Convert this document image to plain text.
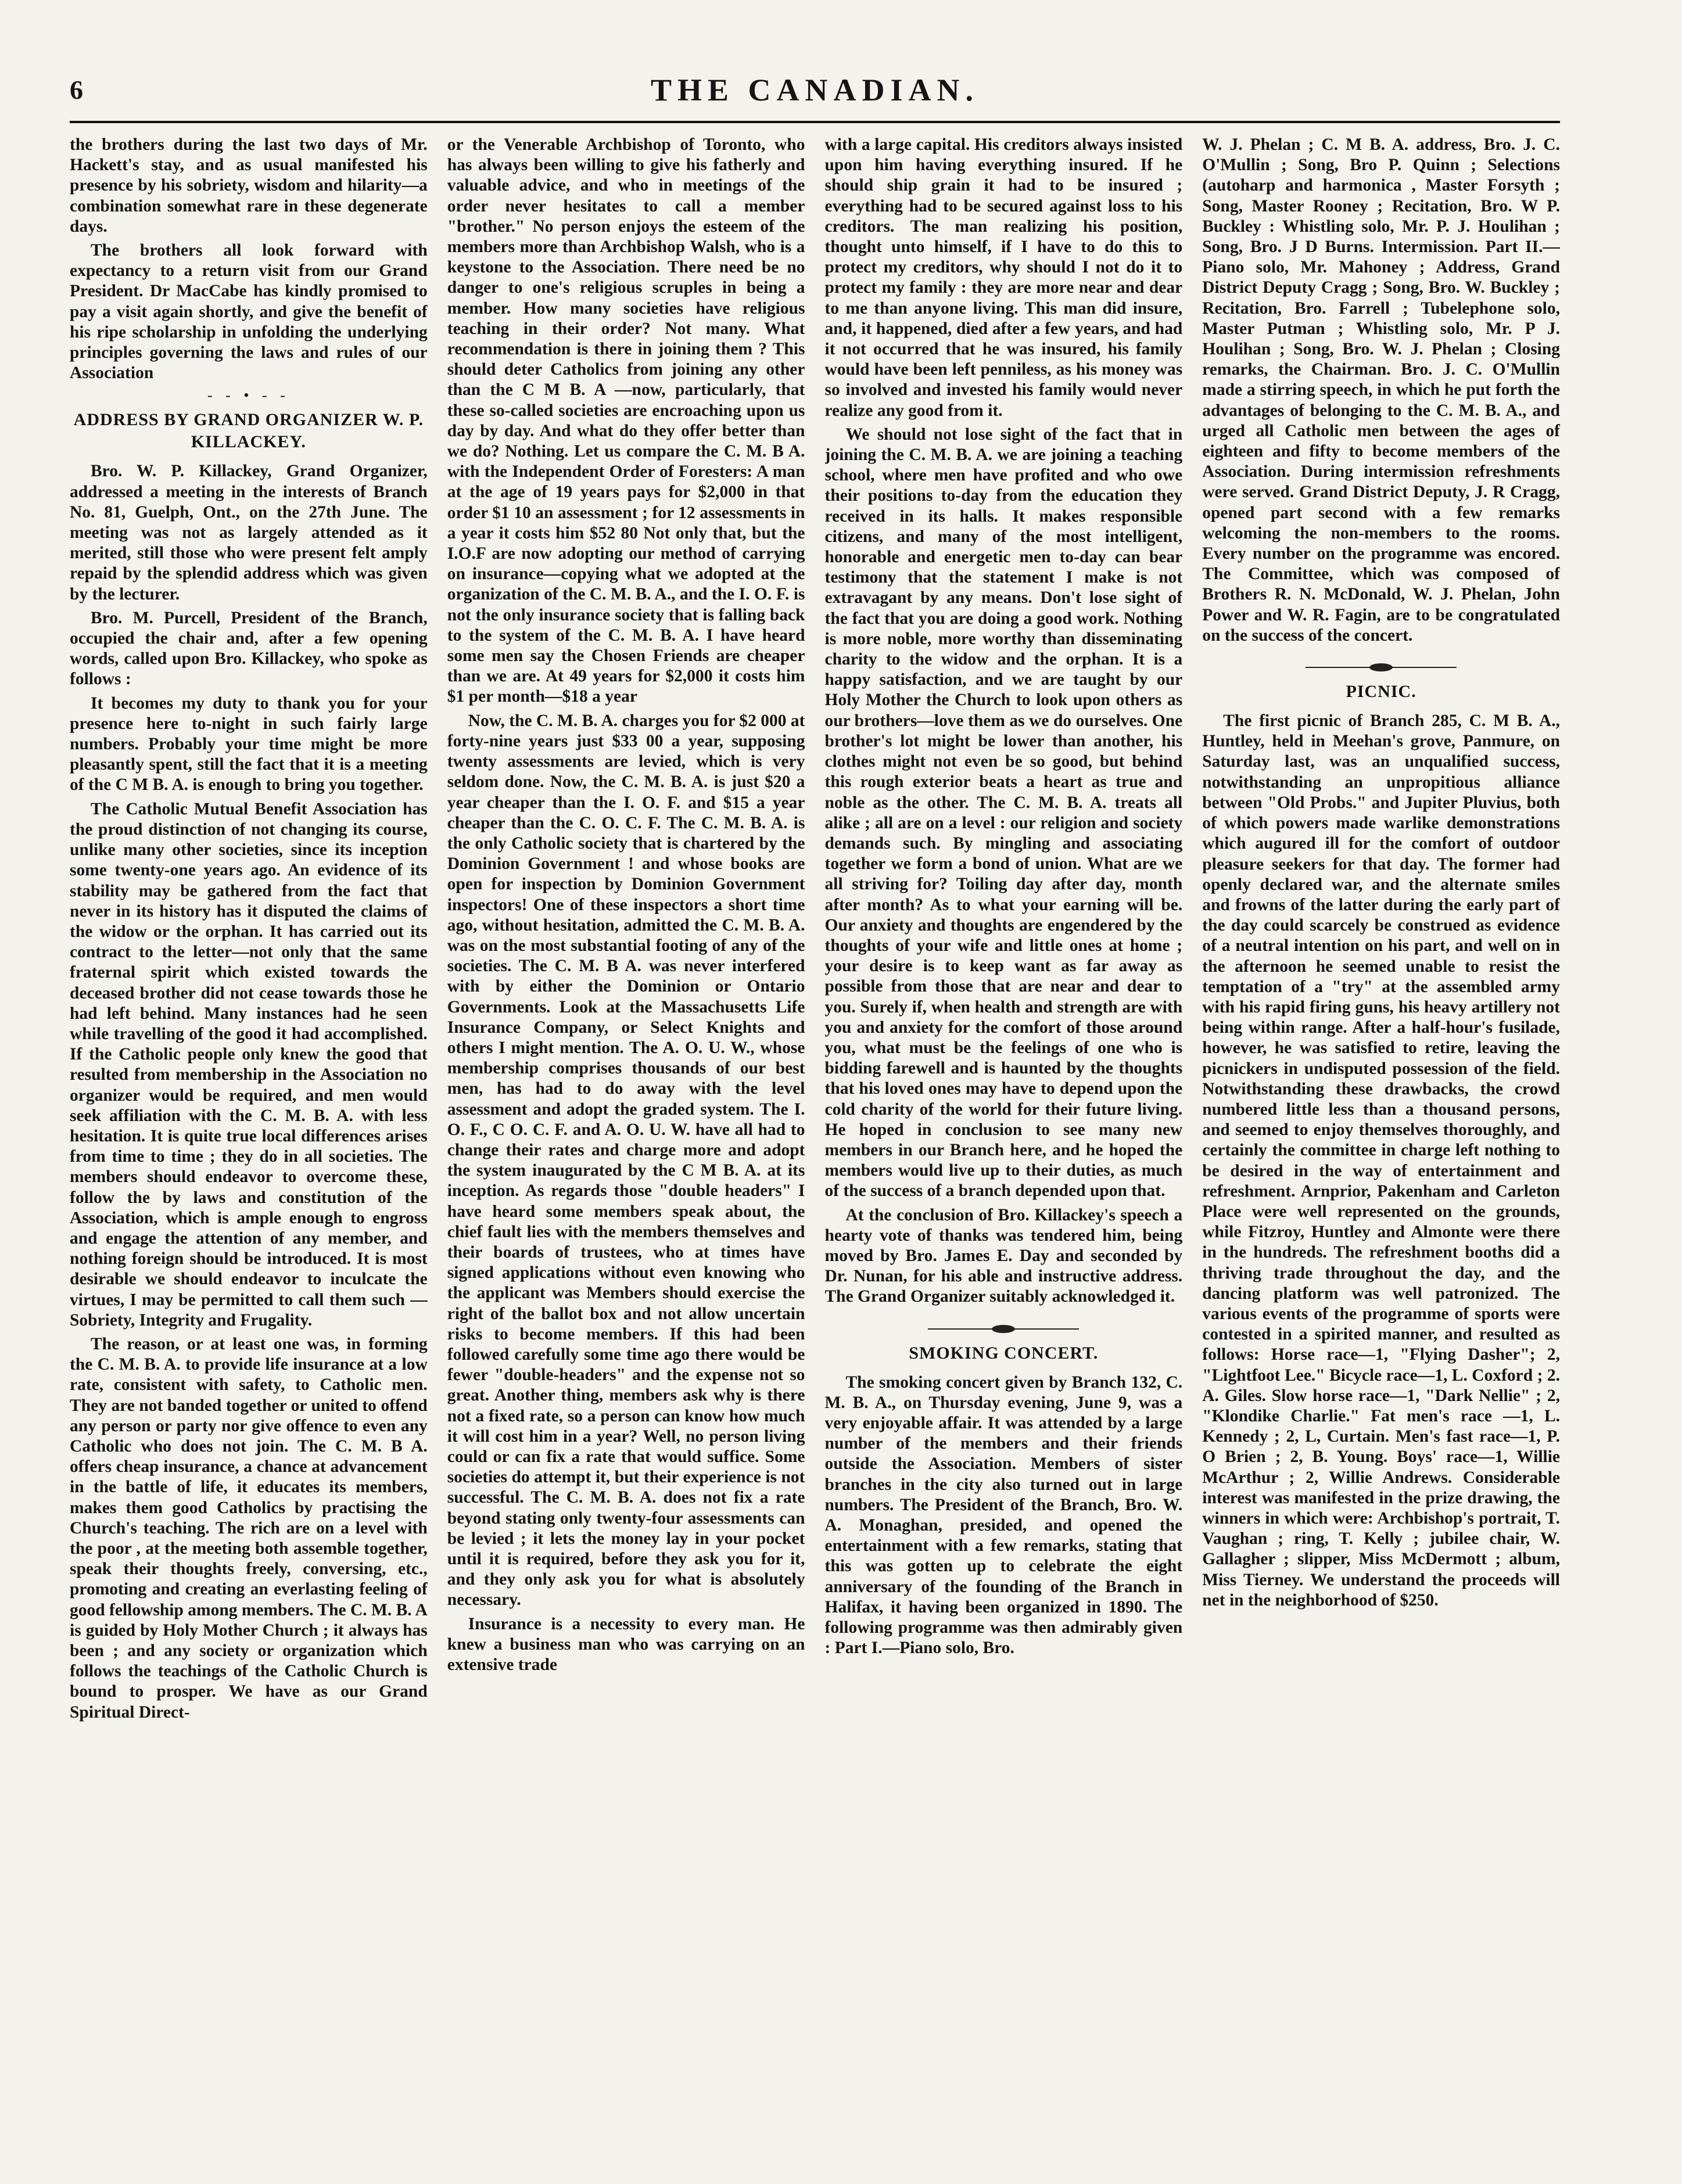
6	THE CANADIAN.

the brothers during the last two days of Mr. Hackett's stay, and as usual manifested his presence by his sobriety, wisdom and hilarity—a combination somewhat rare in these degenerate days.

The brothers all look forward with expectancy to a return visit from our Grand President. Dr MacCabe has kindly promised to pay a visit again shortly, and give the benefit of his ripe scholarship in unfolding the underlying principles governing the laws and rules of our Association

- - • - -
ADDRESS BY GRAND ORGANIZER W. P. KILLACKEY.

Bro. W. P. Killackey, Grand Organizer, addressed a meeting in the interests of Branch No. 81, Guelph, Ont., on the 27th June. The meeting was not as largely attended as it merited, still those who were present felt amply repaid by the splendid address which was given by the lecturer.

Bro. M. Purcell, President of the Branch, occupied the chair and, after a few opening words, called upon Bro. Killackey, who spoke as follows :

It becomes my duty to thank you for your presence here to-night in such fairly large numbers. Probably your time might be more pleasantly spent, still the fact that it is a meeting of the C M B. A. is enough to bring you together.

The Catholic Mutual Benefit Association has the proud distinction of not changing its course, unlike many other societies, since its inception some twenty-one years ago. An evidence of its stability may be gathered from the fact that never in its history has it disputed the claims of the widow or the orphan. It has carried out its contract to the letter—not only that the same fraternal spirit which existed towards the deceased brother did not cease towards those he had left behind. Many instances had he seen while travelling of the good it had accomplished. If the Catholic people only knew the good that resulted from membership in the Association no organizer would be required, and men would seek affiliation with the C. M. B. A. with less hesitation. It is quite true local differences arises from time to time ; they do in all societies. The members should endeavor to overcome these, follow the by laws and constitution of the Association, which is ample enough to engross and engage the attention of any member, and nothing foreign should be introduced. It is most desirable we should endeavor to inculcate the virtues, I may be permitted to call them such —Sobriety, Integrity and Frugality.

The reason, or at least one was, in forming the C. M. B. A. to provide life insurance at a low rate, consistent with safety, to Catholic men. They are not banded together or united to offend any person or party nor give offence to even any Catholic who does not join. The C. M. B A. offers cheap insurance, a chance at advancement in the battle of life, it educates its members, makes them good Catholics by practising the Church's teaching. The rich are on a level with the poor , at the meeting both assemble together, speak their thoughts freely, conversing, etc., promoting and creating an everlasting feeling of good fellowship among members. The C. M. B. A is guided by Holy Mother Church ; it always has been ; and any society or organization which follows the teachings of the Catholic Church is bound to prosper. We have as our Grand Spiritual Direct-

or the Venerable Archbishop of Toronto, who has always been willing to give his fatherly and valuable advice, and who in meetings of the order never hesitates to call a member "brother." No person enjoys the esteem of the members more than Archbishop Walsh, who is a keystone to the Association. There need be no danger to one's religious scruples in being a member. How many societies have religious teaching in their order? Not many. What recommendation is there in joining them ? This should deter Catholics from joining any other than the C M B. A —now, particularly, that these so-called societies are encroaching upon us day by day. And what do they offer better than we do? Nothing. Let us compare the C. M. B A. with the Independent Order of Foresters: A man at the age of 19 years pays for $2,000 in that order $1 10 an assessment ; for 12 assessments in a year it costs him $52 80 Not only that, but the I.O.F are now adopting our method of carrying on insurance—copying what we adopted at the organization of the C. M. B. A., and the I. O. F. is not the only insurance society that is falling back to the system of the C. M. B. A. I have heard some men say the Chosen Friends are cheaper than we are. At 49 years for $2,000 it costs him $1 per month—$18 a year

Now, the C. M. B. A. charges you for $2 000 at forty-nine years just $33 00 a year, supposing twenty assessments are levied, which is very seldom done. Now, the C. M. B. A. is just $20 a year cheaper than the I. O. F. and $15 a year cheaper than the C. O. C. F. The C. M. B. A. is the only Catholic society that is chartered by the Dominion Government ! and whose books are open for inspection by Dominion Government inspectors! One of these inspectors a short time ago, without hesitation, admitted the C. M. B. A. was on the most substantial footing of any of the societies. The C. M. B A. was never interfered with by either the Dominion or Ontario Governments. Look at the Massachusetts Life Insurance Company, or Select Knights and others I might mention. The A. O. U. W., whose membership comprises thousands of our best men, has had to do away with the level assessment and adopt the graded system. The I. O. F., C O. C. F. and A. O. U. W. have all had to change their rates and charge more and adopt the system inaugurated by the C M B. A. at its inception. As regards those "double headers" I have heard some members speak about, the chief fault lies with the members themselves and their boards of trustees, who at times have signed applications without even knowing who the applicant was Members should exercise the right of the ballot box and not allow uncertain risks to become members. If this had been followed carefully some time ago there would be fewer "double-headers" and the expense not so great. Another thing, members ask why is there not a fixed rate, so a person can know how much it will cost him in a year? Well, no person living could or can fix a rate that would suffice. Some societies do attempt it, but their experience is not successful. The C. M. B. A. does not fix a rate beyond stating only twenty-four assessments can be levied ; it lets the money lay in your pocket until it is required, before they ask you for it, and they only ask you for what is absolutely necessary.

Insurance is a necessity to every man. He knew a business man who was carrying on an extensive trade

with a large capital. His creditors always insisted upon him having everything insured. If he should ship grain it had to be insured ; everything had to be secured against loss to his creditors. The man realizing his position, thought unto himself, if I have to do this to protect my creditors, why should I not do it to protect my family : they are more near and dear to me than anyone living. This man did insure, and, it happened, died after a few years, and had it not occurred that he was insured, his family would have been left penniless, as his money was so involved and invested his family would never realize any good from it.

We should not lose sight of the fact that in joining the C. M. B. A. we are joining a teaching school, where men have profited and who owe their positions to-day from the education they received in its halls. It makes responsible citizens, and many of the most intelligent, honorable and energetic men to-day can bear testimony that the statement I make is not extravagant by any means. Don't lose sight of the fact that you are doing a good work. Nothing is more noble, more worthy than disseminating charity to the widow and the orphan. It is a happy satisfaction, and we are taught by our Holy Mother the Church to look upon others as our brothers—love them as we do ourselves. One brother's lot might be lower than another, his clothes might not even be so good, but behind this rough exterior beats a heart as true and noble as the other. The C. M. B. A. treats all alike ; all are on a level : our religion and society demands such. By mingling and associating together we form a bond of union. What are we all striving for? Toiling day after day, month after month? As to what your earning will be. Our anxiety and thoughts are engendered by the thoughts of your wife and little ones at home ; your desire is to keep want as far away as possible from those that are near and dear to you. Surely if, when health and strength are with you and anxiety for the comfort of those around you, what must be the feelings of one who is bidding farewell and is haunted by the thoughts that his loved ones may have to depend upon the cold charity of the world for their future living. He hoped in conclusion to see many new members in our Branch here, and he hoped the members would live up to their duties, as much of the success of a branch depended upon that.

At the conclusion of Bro. Killackey's speech a hearty vote of thanks was tendered him, being moved by Bro. James E. Day and seconded by Dr. Nunan, for his able and instructive address. The Grand Organizer suitably acknowledged it.

SMOKING CONCERT.

The smoking concert given by Branch 132, C. M. B. A., on Thursday evening, June 9, was a very enjoyable affair. It was attended by a large number of the members and their friends outside the Association. Members of sister branches in the city also turned out in large numbers. The President of the Branch, Bro. W. A. Monaghan, presided, and opened the entertainment with a few remarks, stating that this was gotten up to celebrate the eight anniversary of the founding of the Branch in Halifax, it having been organized in 1890. The following programme was then admirably given : Part I.—Piano solo, Bro.

W. J. Phelan ; C. M B. A. address, Bro. J. C. O'Mullin ; Song, Bro P. Quinn ; Selections (autoharp and harmonica , Master Forsyth ; Song, Master Rooney ; Recitation, Bro. W P. Buckley : Whistling solo, Mr. P. J. Houlihan ; Song, Bro. J D Burns. Intermission. Part II.—Piano solo, Mr. Mahoney ; Address, Grand District Deputy Cragg ; Song, Bro. W. Buckley ; Recitation, Bro. Farrell ; Tubelephone solo, Master Putman ; Whistling solo, Mr. P J. Houlihan ; Song, Bro. W. J. Phelan ; Closing remarks, the Chairman. Bro. J. C. O'Mullin made a stirring speech, in which he put forth the advantages of belonging to the C. M. B. A., and urged all Catholic men between the ages of eighteen and fifty to become members of the Association. During intermission refreshments were served. Grand District Deputy, J. R Cragg, opened part second with a few remarks welcoming the non-members to the rooms. Every number on the programme was encored. The Committee, which was composed of Brothers R. N. McDonald, W. J. Phelan, John Power and W. R. Fagin, are to be congratulated on the success of the concert.

PICNIC.

The first picnic of Branch 285, C. M B. A., Huntley, held in Meehan's grove, Panmure, on Saturday last, was an unqualified success, notwithstanding an unpropitious alliance between "Old Probs." and Jupiter Pluvius, both of which powers made warlike demonstrations which augured ill for the comfort of outdoor pleasure seekers for that day. The former had openly declared war, and the alternate smiles and frowns of the latter during the early part of the day could scarcely be construed as evidence of a neutral intention on his part, and well on in the afternoon he seemed unable to resist the temptation of a "try" at the assembled army with his rapid firing guns, his heavy artillery not being within range. After a half-hour's fusilade, however, he was satisfied to retire, leaving the picnickers in undisputed possession of the field. Notwithstanding these drawbacks, the crowd numbered little less than a thousand persons, and seemed to enjoy themselves thoroughly, and certainly the committee in charge left nothing to be desired in the way of entertainment and refreshment. Arnprior, Pakenham and Carleton Place were well represented on the grounds, while Fitzroy, Huntley and Almonte were there in the hundreds. The refreshment booths did a thriving trade throughout the day, and the dancing platform was well patronized. The various events of the programme of sports were contested in a spirited manner, and resulted as follows: Horse race—1, "Flying Dasher"; 2, "Lightfoot Lee." Bicycle race—1, L. Coxford ; 2. A. Giles. Slow horse race—1, "Dark Nellie" ; 2, "Klondike Charlie." Fat men's race —1, L. Kennedy ; 2, L, Curtain. Men's fast race—1, P. O Brien ; 2, B. Young. Boys' race—1, Willie McArthur ; 2, Willie Andrews. Considerable interest was manifested in the prize drawing, the winners in which were: Archbishop's portrait, T. Vaughan ; ring, T. Kelly ; jubilee chair, W. Gallagher ; slipper, Miss McDermott ; album, Miss Tierney. We understand the proceeds will net in the neighborhood of $250.
